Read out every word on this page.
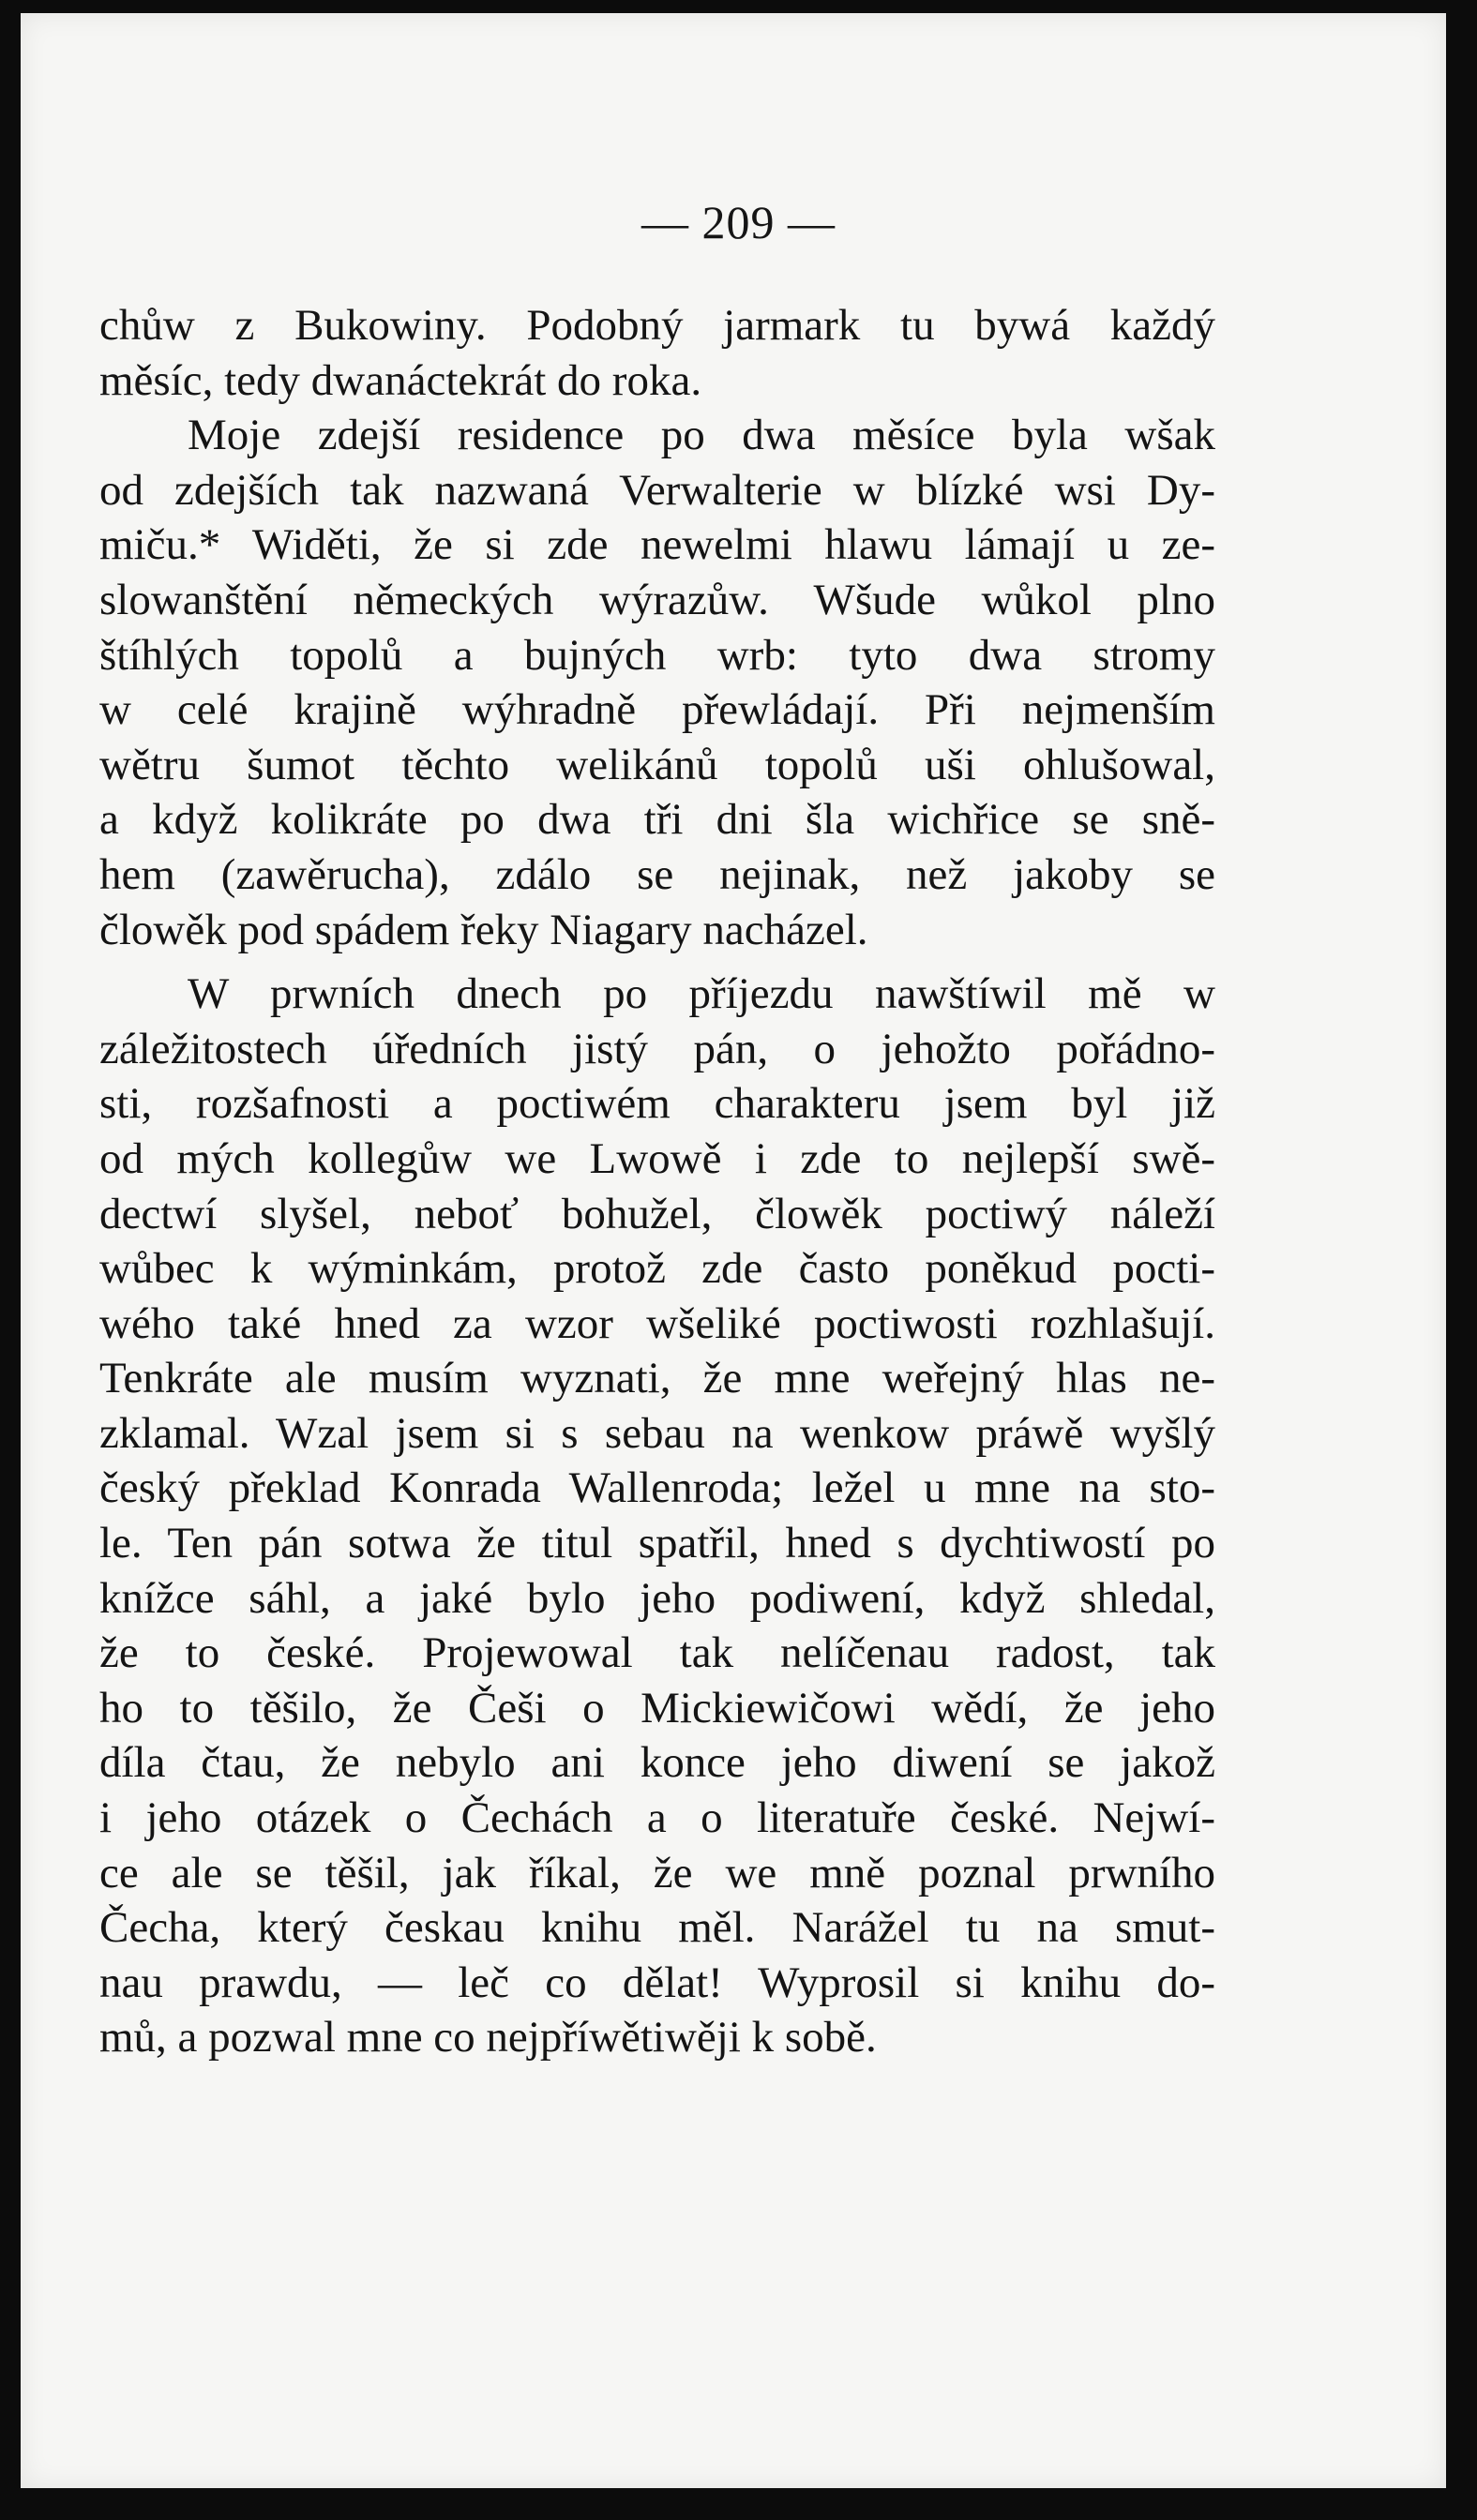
— 209 —
chůw z Bukowiny. Podobný jarmark tu bywá každý
měsíc, tedy dwanáctekrát do roka.
Moje zdejší residence po dwa měsíce byla wšak
od zdejších tak nazwaná Verwalterie w blízké wsi Dy-
miču.* Widěti, že si zde newelmi hlawu lámají u ze-
slowanštění německých wýrazůw. Wšude wůkol plno
štíhlých topolů a bujných wrb: tyto dwa stromy
w celé krajině wýhradně přewládají. Při nejmenším
wětru šumot těchto welikánů topolů uši ohlušowal,
a když kolikráte po dwa tři dni šla wichřice se sně-
hem (zawěrucha), zdálo se nejinak, než jakoby se
člowěk pod spádem řeky Niagary nacházel.
W prwních dnech po příjezdu nawštíwil mě w
záležitostech úředních jistý pán, o jehožto pořádno-
sti, rozšafnosti a poctiwém charakteru jsem byl již
od mých kollegůw we Lwowě i zde to nejlepší swě-
dectwí slyšel, neboť bohužel, člowěk poctiwý náleží
wůbec k wýminkám, protož zde často poněkud pocti-
wého také hned za wzor wšeliké poctiwosti rozhlašují.
Tenkráte ale musím wyznati, že mne weřejný hlas ne-
zklamal. Wzal jsem si s sebau na wenkow práwě wyšlý
český překlad Konrada Wallenroda; ležel u mne na sto-
le. Ten pán sotwa že titul spatřil, hned s dychtiwostí po
knížce sáhl, a jaké bylo jeho podiwení, když shledal,
že to české. Projewowal tak nelíčenau radost, tak
ho to těšilo, že Češi o Mickiewičowi wědí, že jeho
díla čtau, že nebylo ani konce jeho diwení se jakož
i jeho otázek o Čechách a o literatuře české. Nejwí-
ce ale se těšil, jak říkal, že we mně poznal prwního
Čecha, který českau knihu měl. Narážel tu na smut-
nau prawdu, — leč co dělat! Wyprosil si knihu do-
mů, a pozwal mne co nejpříwětiwěji k sobě.
